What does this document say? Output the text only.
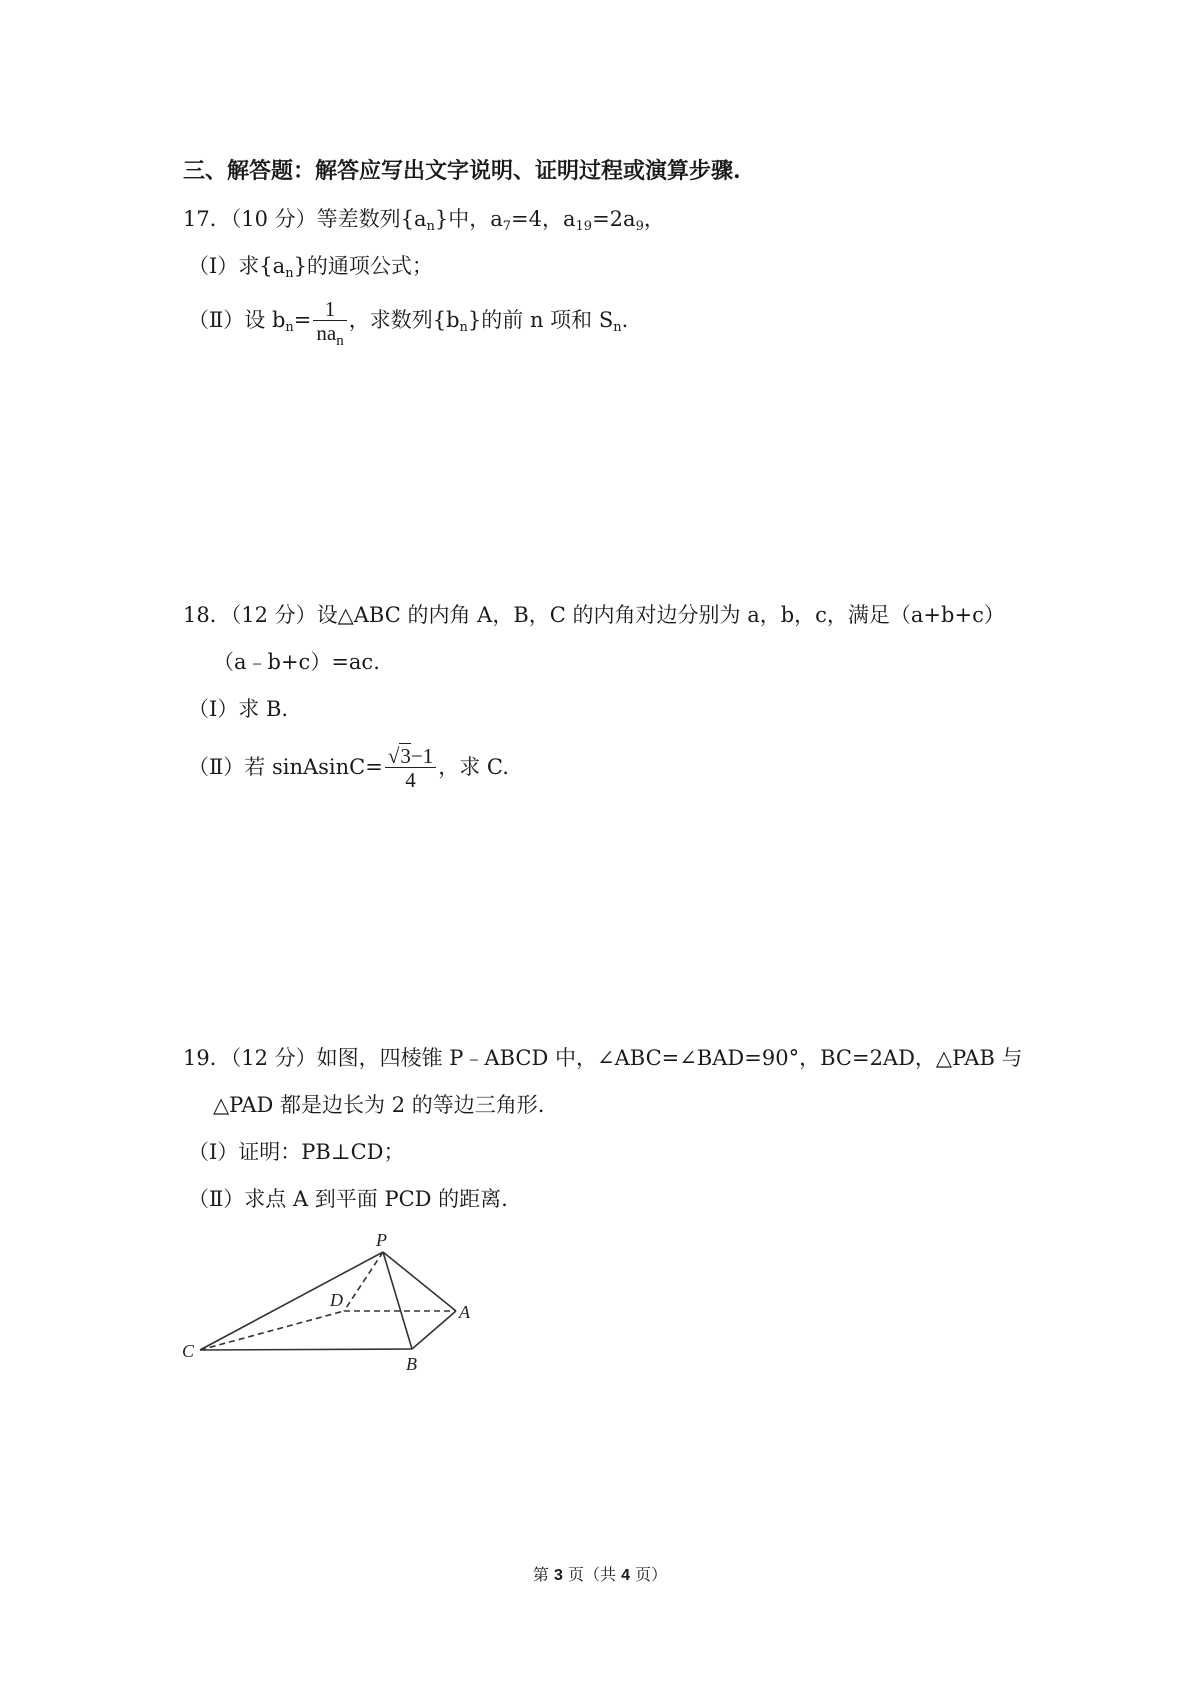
三、解答题：解答应写出文字说明、证明过程或演算步骤.
17．（10 分）等差数列$\{a_n\}$中，$a_7=4$，$a_{19}=2a_9$，
（Ⅰ）求$\{a_n\}$的通项公式；
（Ⅱ）设 $b_n= \frac{1}{na_n}$ ，求数列$\{b_n\}$的前 n 项和 $S_n$.
18．（12 分）设△ABC 的内角 A，B，C 的内角对边分别为 a，b，c，满足（a+b+c）
（a﹣b+c）=ac.
（Ⅰ）求 B.
（Ⅱ）若 sinAsinC= $\frac{√3-1}{4}$ ，求 C.
19．（12 分）如图，四棱锥 P﹣ABCD 中，∠ABC=∠BAD=90°，BC=2AD，△PAB 与
△PAD 都是边长为 2 的等边三角形.
（Ⅰ）证明：PB⊥CD；
（Ⅱ）求点 A 到平面 PCD 的距离.
P
D
A
C
B
第 3 页（共 4 页）
